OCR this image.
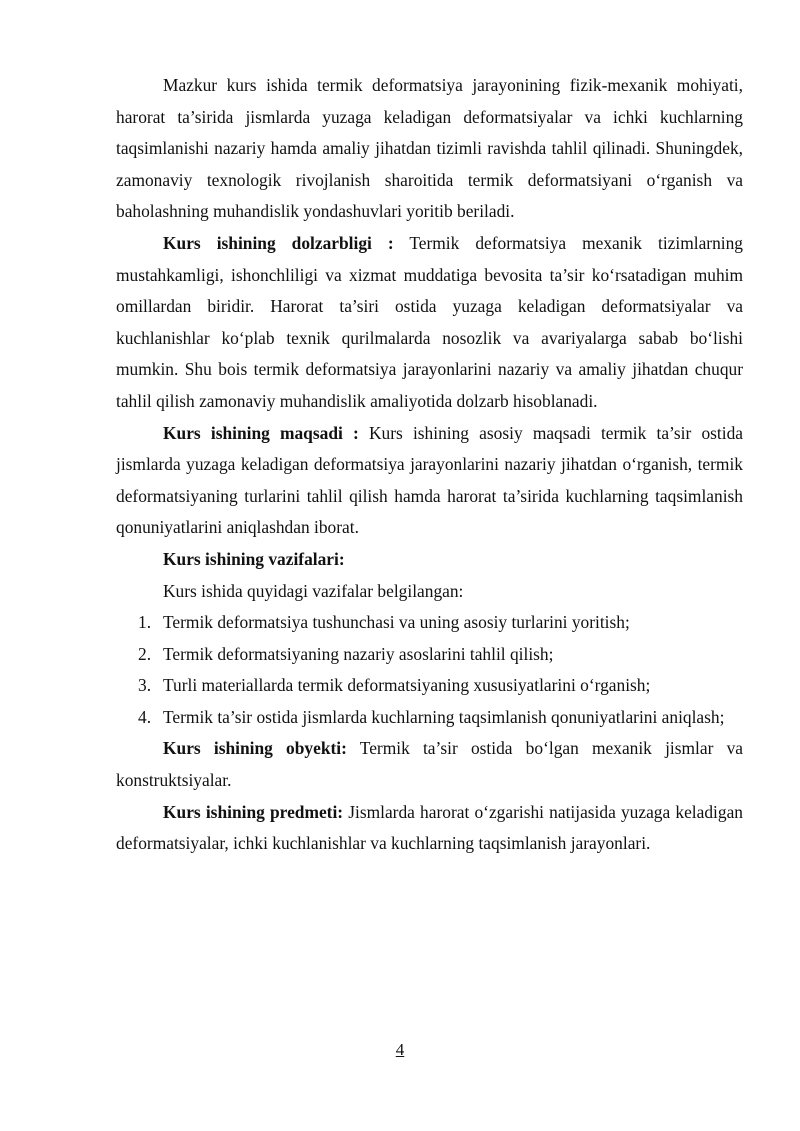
Mazkur kurs ishida termik deformatsiya jarayonining fizik-mexanik mohiyati, harorat ta’sirida jismlarda yuzaga keladigan deformatsiyalar va ichki kuchlarning taqsimlanishi nazariy hamda amaliy jihatdan tizimli ravishda tahlil qilinadi. Shuningdek, zamonaviy texnologik rivojlanish sharoitida termik deformatsiyani o‘rganish va baholashning muhandislik yondashuvlari yoritib beriladi.

Kurs ishining dolzarbligi : Termik deformatsiya mexanik tizimlarning mustahkamligi, ishonchliligi va xizmat muddatiga bevosita ta’sir ko‘rsatadigan muhim omillardan biridir. Harorat ta’siri ostida yuzaga keladigan deformatsiyalar va kuchlanishlar ko‘plab texnik qurilmalarda nosozlik va avariyalarga sabab bo‘lishi mumkin. Shu bois termik deformatsiya jarayonlarini nazariy va amaliy jihatdan chuqur tahlil qilish zamonaviy muhandislik amaliyotida dolzarb hisoblanadi.

Kurs ishining maqsadi : Kurs ishining asosiy maqsadi termik ta’sir ostida jismlarda yuzaga keladigan deformatsiya jarayonlarini nazariy jihatdan o‘rganish, termik deformatsiyaning turlarini tahlil qilish hamda harorat ta’sirida kuchlarning taqsimlanish qonuniyatlarini aniqlashdan iborat.

Kurs ishining vazifalari:

Kurs ishida quyidagi vazifalar belgilangan:

1. Termik deformatsiya tushunchasi va uning asosiy turlarini yoritish;
2. Termik deformatsiyaning nazariy asoslarini tahlil qilish;
3. Turli materiallarda termik deformatsiyaning xususiyatlarini o‘rganish;
4. Termik ta’sir ostida jismlarda kuchlarning taqsimlanish qonuniyatlarini aniqlash;

Kurs ishining obyekti: Termik ta’sir ostida bo‘lgan mexanik jismlar va konstruktsiyalar.

Kurs ishining predmeti: Jismlarda harorat o‘zgarishi natijasida yuzaga keladigan deformatsiyalar, ichki kuchlanishlar va kuchlarning taqsimlanish jarayonlari.

4
